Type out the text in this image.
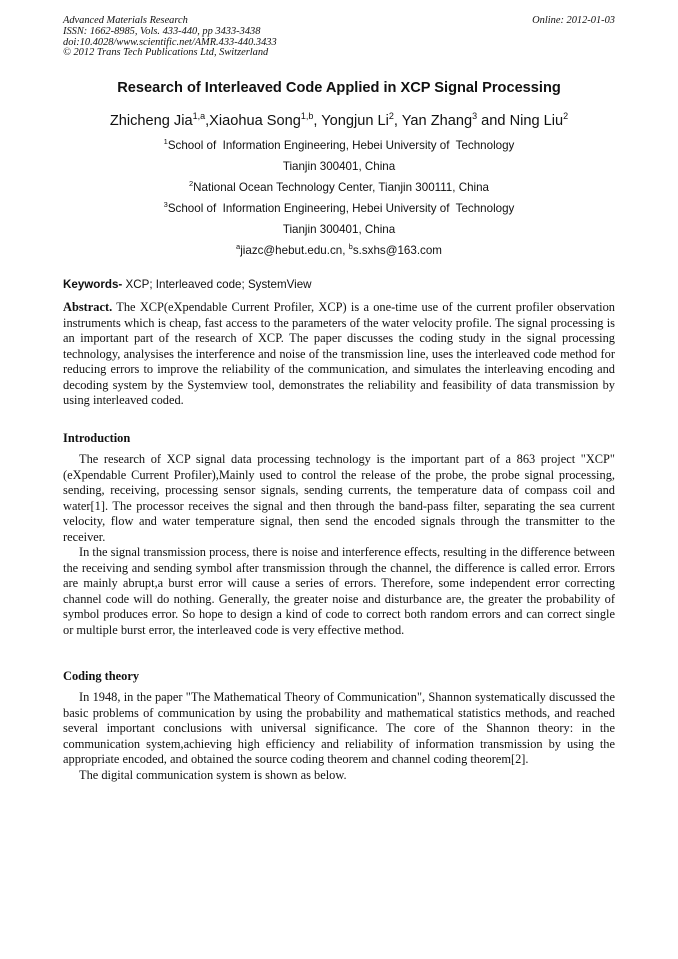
Advanced Materials Research
ISSN: 1662-8985, Vols. 433-440, pp 3433-3438
doi:10.4028/www.scientific.net/AMR.433-440.3433
© 2012 Trans Tech Publications Ltd, Switzerland
Online: 2012-01-03
Research of Interleaved Code Applied in XCP Signal Processing
Zhicheng Jia$^{1,a}$,Xiaohua Song$^{1,b}$, Yongjun Li$^2$, Yan Zhang$^3$ and Ning Liu$^2$
$^1$School of  Information Engineering, Hebei University of  Technology
Tianjin 300401, China
$^2$National Ocean Technology Center, Tianjin 300111, China
$^3$School of  Information Engineering, Hebei University of  Technology
Tianjin 300401, China
$^a$jiazc@hebut.edu.cn, $^b$s.sxhs@163.com
Keywords- XCP; Interleaved code; SystemView
Abstract. The XCP(eXpendable Current Profiler, XCP) is a one-time use of the current profiler observation instruments which is cheap, fast access to the parameters of the water velocity profile. The signal processing is an important part of the research of XCP. The paper discusses the coding study in the signal processing technology, analysises the interference and noise of the transmission line, uses the interleaved code method for reducing errors to improve the reliability of the communication, and simulates the interleaving encoding and decoding system by the Systemview tool, demonstrates the reliability and feasibility of data transmission by using interleaved coded.
Introduction

The research of XCP signal data processing technology is the important part of a 863 project "XCP" (eXpendable Current Profiler),Mainly used to control the release of the probe, the probe signal processing, sending, receiving, processing sensor signals, sending currents, the temperature data of compass coil and water[1]. The processor receives the signal and then through the band-pass filter, separating the sea current velocity, flow and water temperature signal, then send the encoded signals through the transmitter to the receiver.

In the signal transmission process, there is noise and interference effects, resulting in the difference between the receiving and sending symbol after transmission through the channel, the difference is called error. Errors are mainly abrupt,a burst error will cause a series of errors. Therefore, some independent error correcting channel code will do nothing. Generally, the greater noise and disturbance are, the greater the probability of symbol produces error. So hope to design a kind of code to correct both random errors and can correct single or multiple burst error, the interleaved code is very effective method.

Coding theory

In 1948, in the paper "The Mathematical Theory of Communication", Shannon systematically discussed the basic problems of communication by using the probability and mathematical statistics methods, and reached several important conclusions with universal significance. The core of the Shannon theory: in the communication system,achieving high efficiency and reliability of information transmission by using the appropriate encoded, and obtained the source coding theorem and channel coding theorem[2].

The digital communication system is shown as below.
